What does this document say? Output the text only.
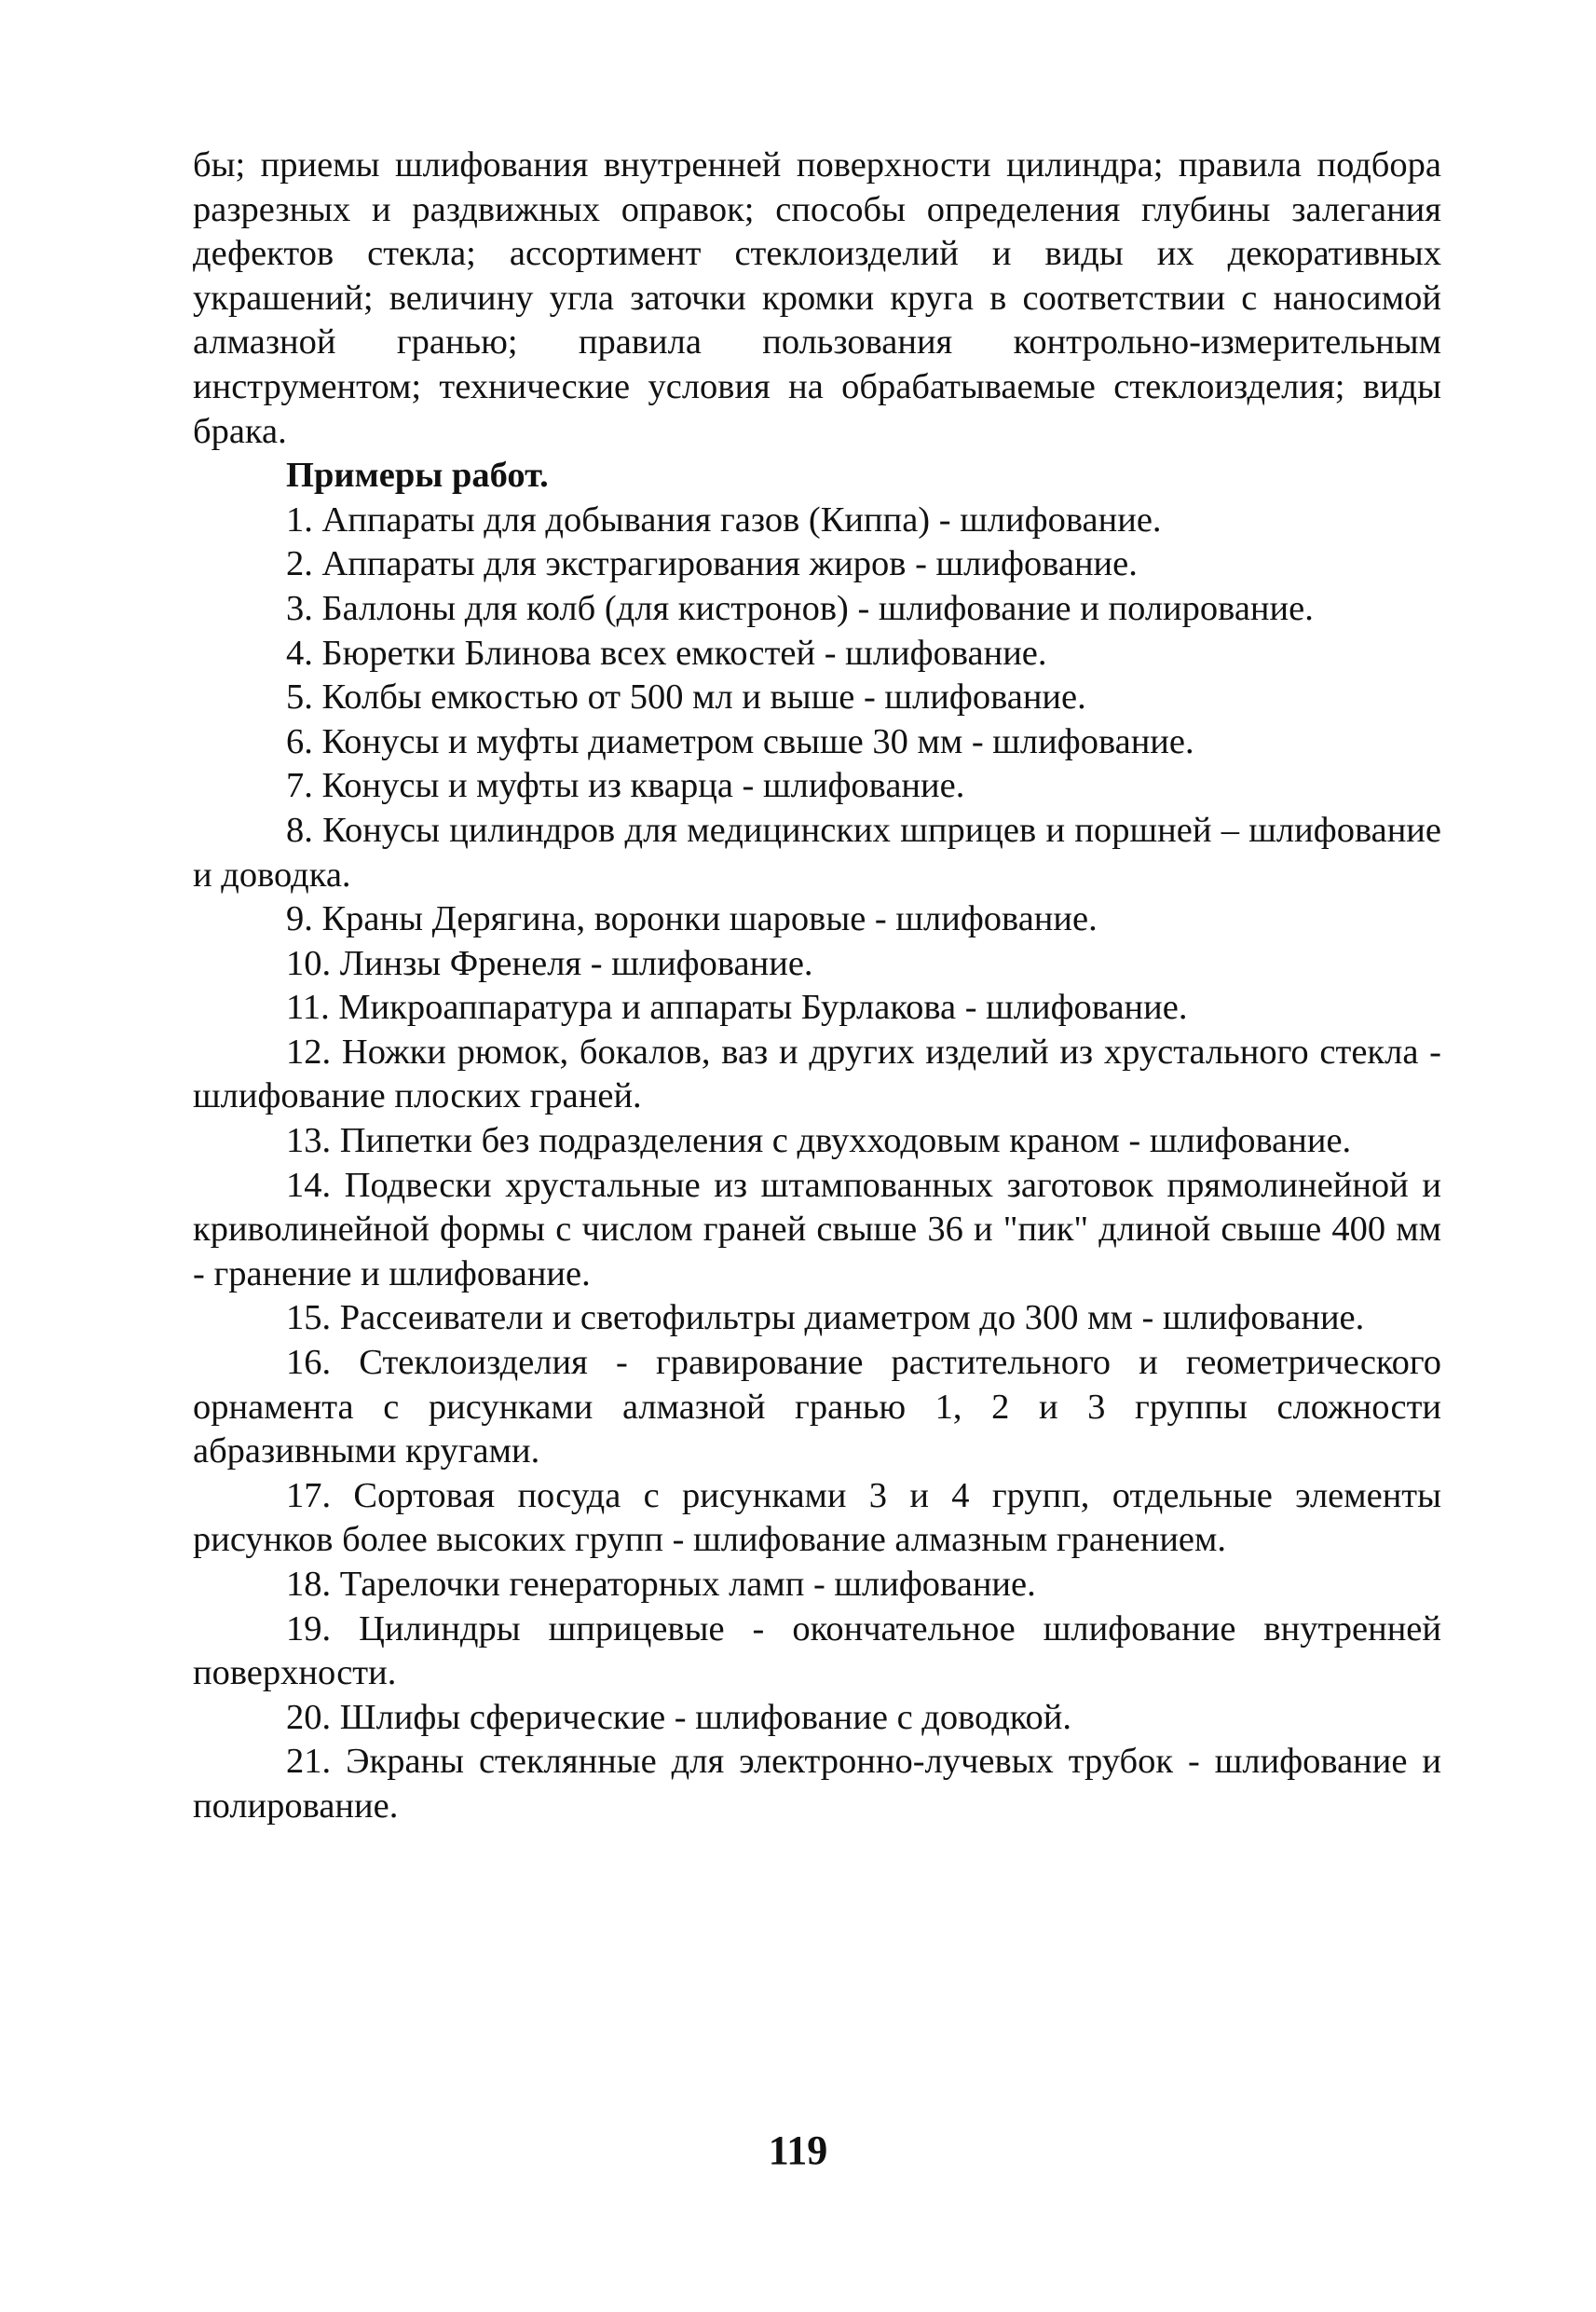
бы; приемы шлифования внутренней поверхности цилиндра; правила подбора разрезных и раздвижных оправок; способы определения глубины залегания дефектов стекла; ассортимент стеклоизделий и виды их декоративных украшений; величину угла заточки кромки круга в соответствии с наносимой алмазной гранью; правила пользования контрольно-измерительным инструментом; технические условия на обрабатываемые стеклоизделия; виды брака.

Примеры работ.

1. Аппараты для добывания газов (Киппа) - шлифование.

2. Аппараты для экстрагирования жиров - шлифование.

3. Баллоны для колб (для кистронов) - шлифование и полирование.

4. Бюретки Блинова всех емкостей - шлифование.

5. Колбы емкостью от 500 мл и выше - шлифование.

6. Конусы и муфты диаметром свыше 30 мм - шлифование.

7. Конусы и муфты из кварца - шлифование.

8. Конусы цилиндров для медицинских шприцев и поршней – шлифование и доводка.

9. Краны Дерягина, воронки шаровые - шлифование.

10. Линзы Френеля - шлифование.

11. Микроаппаратура и аппараты Бурлакова - шлифование.

12. Ножки рюмок, бокалов, ваз и других изделий из хрустального стекла - шлифование плоских граней.

13. Пипетки без подразделения с двухходовым краном - шлифование.

14. Подвески хрустальные из штампованных заготовок прямолинейной и криволинейной формы с числом граней свыше 36 и "пик" длиной свыше 400 мм - гранение и шлифование.

15. Рассеиватели и светофильтры диаметром до 300 мм - шлифование.

16. Стеклоизделия - гравирование растительного и геометрического орнамента с рисунками алмазной гранью 1, 2 и 3 группы сложности абразивными кругами.

17. Сортовая посуда с рисунками 3 и 4 групп, отдельные элементы рисунков более высоких групп - шлифование алмазным гранением.

18. Тарелочки генераторных ламп - шлифование.

19. Цилиндры шприцевые - окончательное шлифование внутренней поверхности.

20. Шлифы сферические - шлифование с доводкой.

21. Экраны стеклянные для электронно-лучевых трубок - шлифование и полирование.

119
